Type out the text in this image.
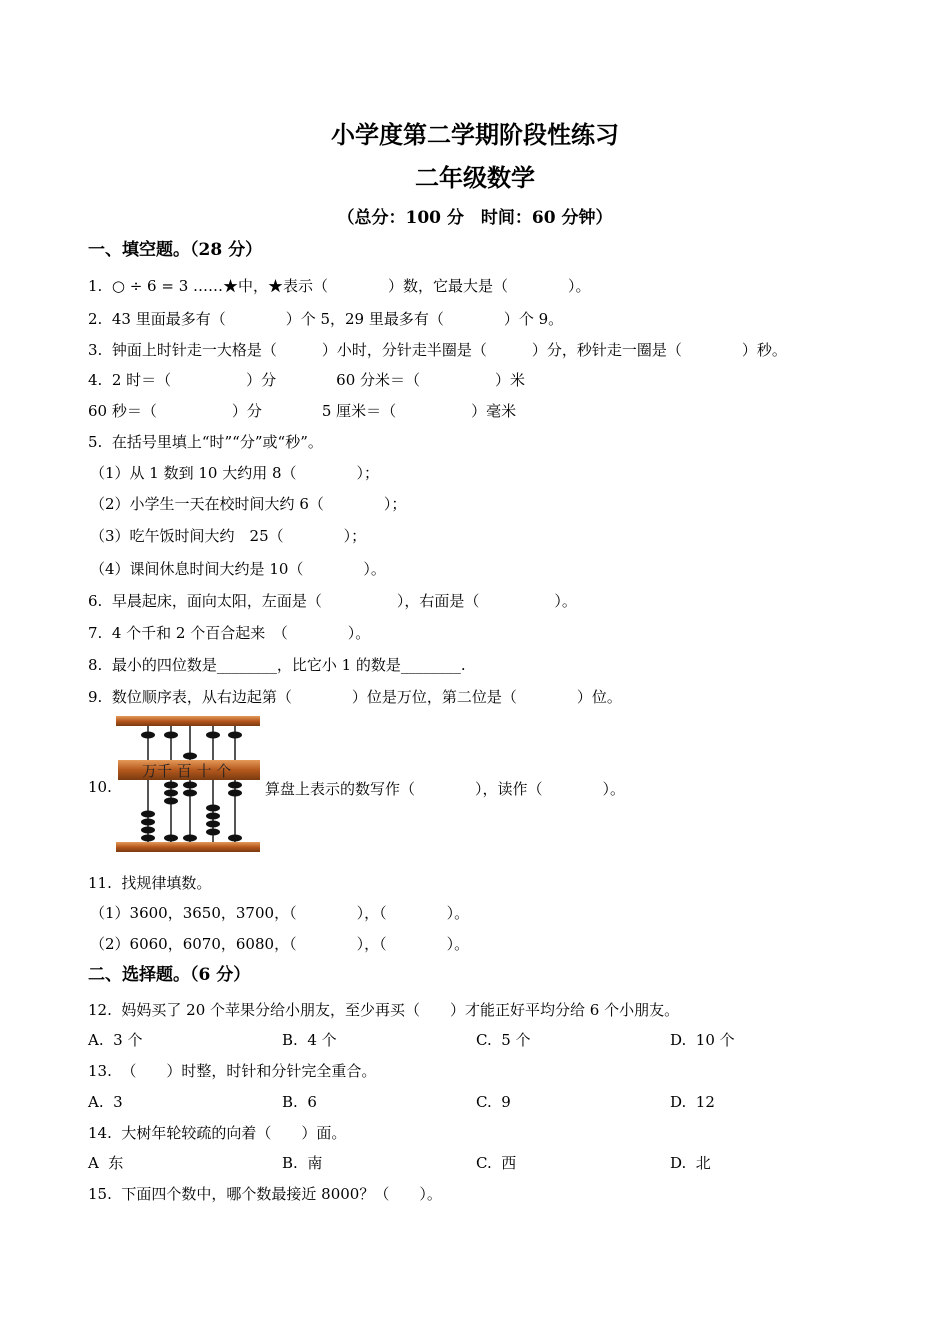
小学度第二学期阶段性练习
二年级数学
（总分：100 分　时间：60 分钟）
一、填空题。（28 分）
1.  ○ ÷ 6 = 3 ……★中，★表示（　　　　）数，它最大是（　　　　）。
2.  43 里面最多有（　　　　）个 5，29 里最多有（　　　　）个 9。
3.  钟面上时针走一大格是（　　　）小时，分针走半圈是（　　　）分，秒针走一圈是（　　　　）秒。
4.  2 时＝（　　　　　）分　　　　60 分米＝（　　　　　）米
60 秒＝（　　　　　）分　　　　5 厘米＝（　　　　　）毫米
5.  在括号里填上“时”“分”或“秒”。
（1）从 1 数到 10 大约用 8（　　　　）；
（2）小学生一天在校时间大约 6（　　　　）；
（3）吃午饭时间大约　25（　　　　）；
（4）课间休息时间大约是 10（　　　　）。
6.  早晨起床，面向太阳，左面是（　　　　　），右面是（　　　　　）。
7.  4 个千和 2 个百合起来　（　　　　）。
8.  最小的四位数是________，比它小 1 的数是________.
9.  数位顺序表，从右边起第（　　　　）位是万位，第二位是（　　　　）位。
10.
万千 百 十 个
算盘上表示的数写作（　　　　），读作（　　　　）。
11.  找规律填数。
（1）3600，3650，3700，（　　　　），（　　　　）。
（2）6060，6070，6080，（　　　　），（　　　　）。
二、选择题。（6 分）
12.  妈妈买了 20 个苹果分给小朋友，至少再买（　　）才能正好平均分给 6 个小朋友。
A.  3 个	B.  4 个	C.  5 个	D.  10 个
13.  （　　）时整，时针和分针完全重合。
A.  3	B.  6	C.  9	D.  12
14.  大树年轮较疏的向着（　　）面。
A  东	B.  南	C.  西	D.  北
15.  下面四个数中，哪个数最接近 8000？（　　）。
